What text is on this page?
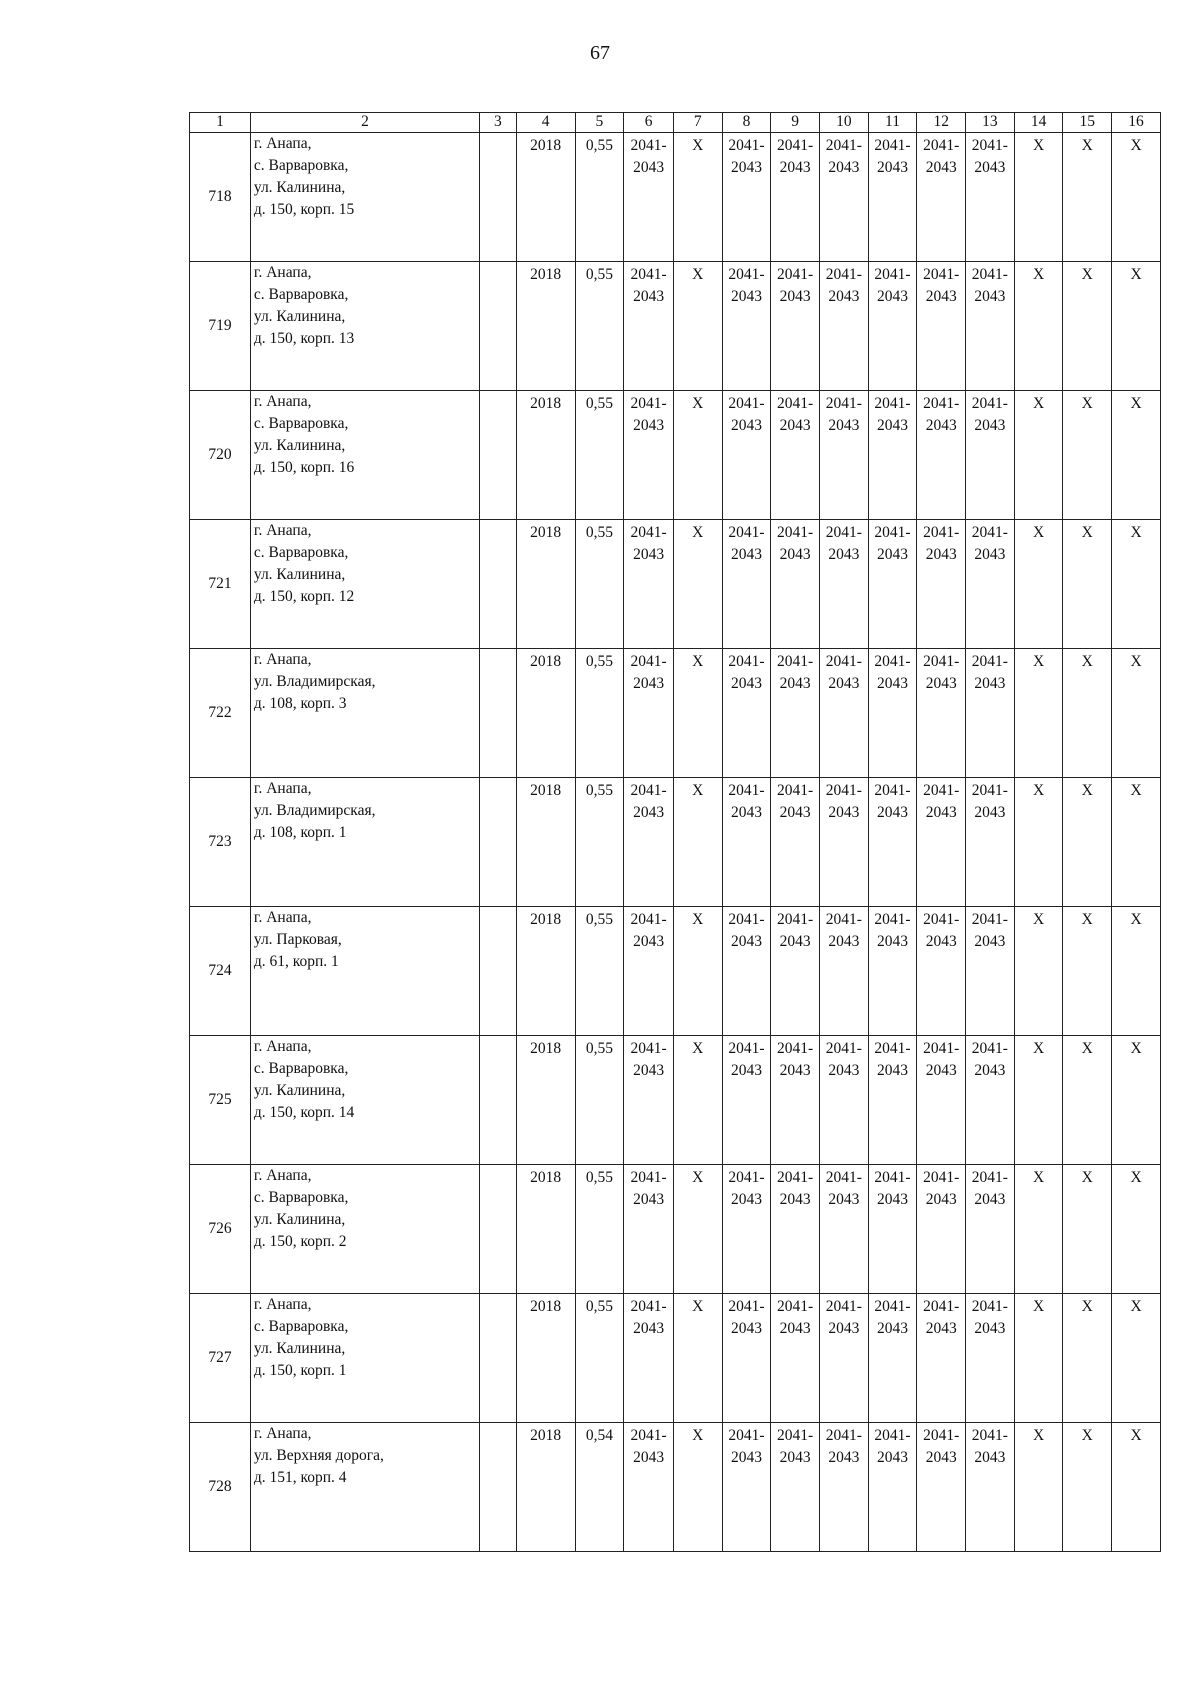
67
1	2	3	4	5	6	7	8	9	10	11	12	13	14	15	16
718	г. Анапа,
с. Варваровка,
ул. Калинина,
д. 150, корп. 15		2018	0,55	2041-
2043	X	2041-
2043	2041-
2043	2041-
2043	2041-
2043	2041-
2043	2041-
2043	X	X	X
719	г. Анапа,
с. Варваровка,
ул. Калинина,
д. 150, корп. 13		2018	0,55	2041-
2043	X	2041-
2043	2041-
2043	2041-
2043	2041-
2043	2041-
2043	2041-
2043	X	X	X
720	г. Анапа,
с. Варваровка,
ул. Калинина,
д. 150, корп. 16		2018	0,55	2041-
2043	X	2041-
2043	2041-
2043	2041-
2043	2041-
2043	2041-
2043	2041-
2043	X	X	X
721	г. Анапа,
с. Варваровка,
ул. Калинина,
д. 150, корп. 12		2018	0,55	2041-
2043	X	2041-
2043	2041-
2043	2041-
2043	2041-
2043	2041-
2043	2041-
2043	X	X	X
722	г. Анапа,
ул. Владимирская,
д. 108, корп. 3		2018	0,55	2041-
2043	X	2041-
2043	2041-
2043	2041-
2043	2041-
2043	2041-
2043	2041-
2043	X	X	X
723	г. Анапа,
ул. Владимирская,
д. 108, корп. 1		2018	0,55	2041-
2043	X	2041-
2043	2041-
2043	2041-
2043	2041-
2043	2041-
2043	2041-
2043	X	X	X
724	г. Анапа,
ул. Парковая,
д. 61, корп. 1		2018	0,55	2041-
2043	X	2041-
2043	2041-
2043	2041-
2043	2041-
2043	2041-
2043	2041-
2043	X	X	X
725	г. Анапа,
с. Варваровка,
ул. Калинина,
д. 150, корп. 14		2018	0,55	2041-
2043	X	2041-
2043	2041-
2043	2041-
2043	2041-
2043	2041-
2043	2041-
2043	X	X	X
726	г. Анапа,
с. Варваровка,
ул. Калинина,
д. 150, корп. 2		2018	0,55	2041-
2043	X	2041-
2043	2041-
2043	2041-
2043	2041-
2043	2041-
2043	2041-
2043	X	X	X
727	г. Анапа,
с. Варваровка,
ул. Калинина,
д. 150, корп. 1		2018	0,55	2041-
2043	X	2041-
2043	2041-
2043	2041-
2043	2041-
2043	2041-
2043	2041-
2043	X	X	X
728	г. Анапа,
ул. Верхняя дорога,
д. 151, корп. 4		2018	0,54	2041-
2043	X	2041-
2043	2041-
2043	2041-
2043	2041-
2043	2041-
2043	2041-
2043	X	X	X
